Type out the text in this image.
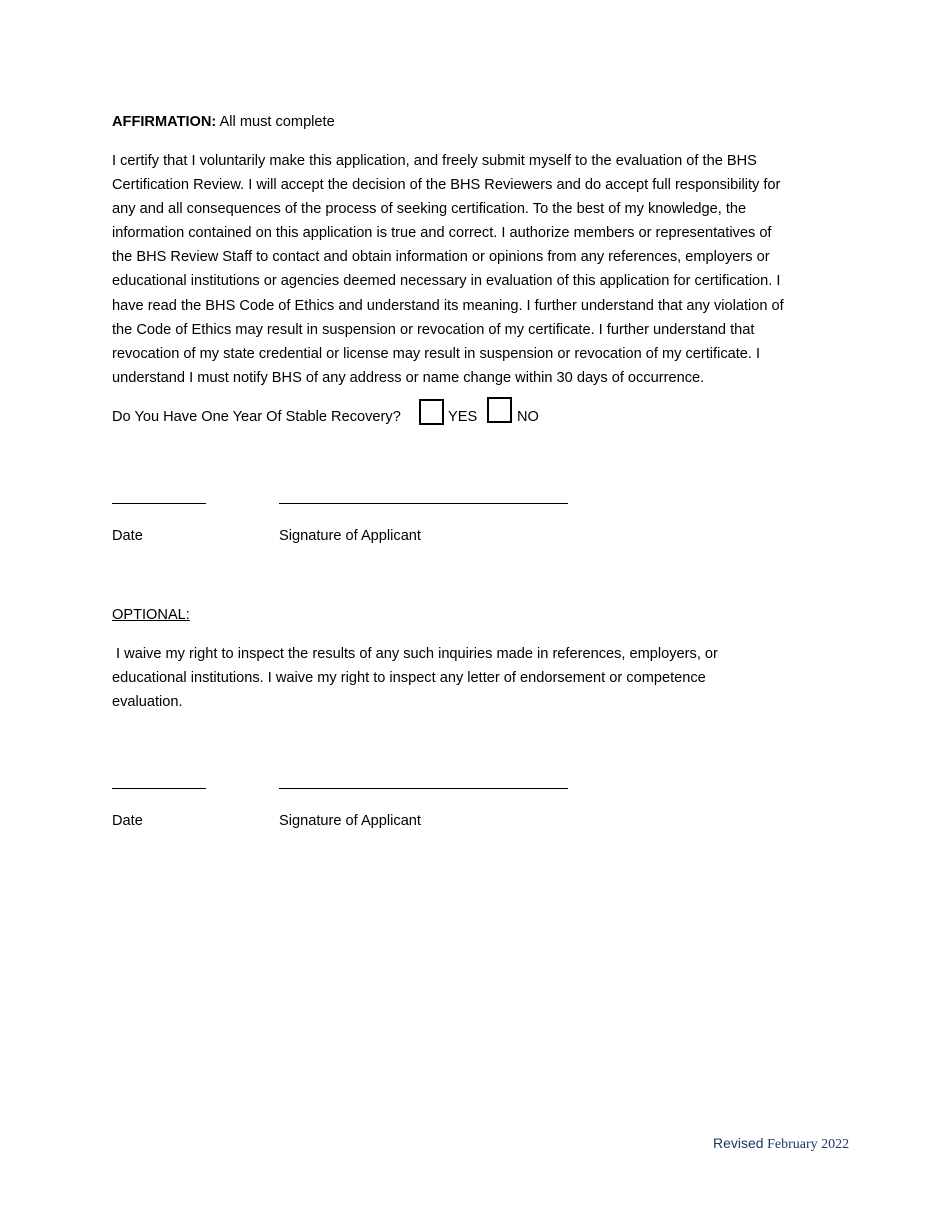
AFFIRMATION: All must complete
I certify that I voluntarily make this application, and freely submit myself to the evaluation of the BHS
Certification Review. I will accept the decision of the BHS Reviewers and do accept full responsibility for
any and all consequences of the process of seeking certification. To the best of my knowledge, the
information contained on this application is true and correct. I authorize members or representatives of
the BHS Review Staff to contact and obtain information or opinions from any references, employers or
educational institutions or agencies deemed necessary in evaluation of this application for certification. I
have read the BHS Code of Ethics and understand its meaning. I further understand that any violation of
the Code of Ethics may result in suspension or revocation of my certificate. I further understand that
revocation of my state credential or license may result in suspension or revocation of my certificate. I
understand I must notify BHS of any address or name change within 30 days of occurrence.
Do You Have One Year Of Stable Recovery?	YES	NO
Date	Signature of Applicant
OPTIONAL:
I waive my right to inspect the results of any such inquiries made in references, employers, or
educational institutions. I waive my right to inspect any letter of endorsement or competence
evaluation.
Date	Signature of Applicant
Revised February 2022
